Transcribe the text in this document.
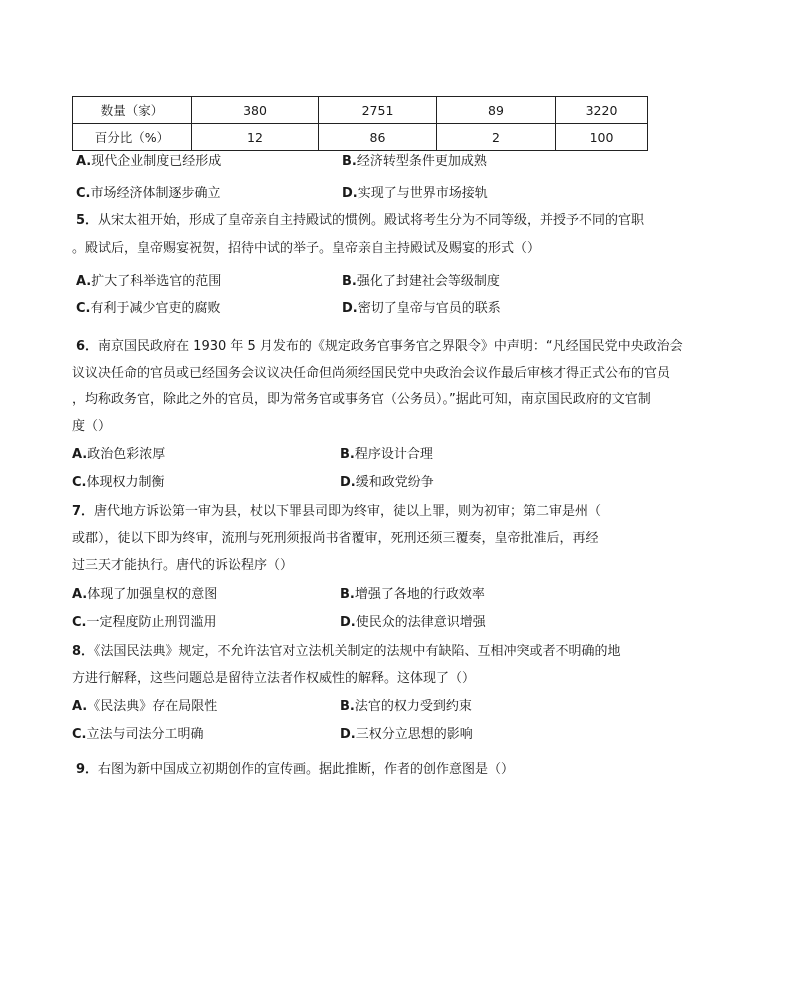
数量（家）	380	2751	89	3220
百分比（%）	12	86	2	100
A.现代企业制度已经形成	B.经济转型条件更加成熟
C.市场经济体制逐步确立	D.实现了与世界市场接轨
5．从宋太祖开始，形成了皇帝亲自主持殿试的惯例。殿试将考生分为不同等级，并授予不同的官职
。殿试后，皇帝赐宴祝贺，招待中试的举子。皇帝亲自主持殿试及赐宴的形式（）
A.扩大了科举选官的范围	B.强化了封建社会等级制度
C.有利于减少官吏的腐败	D.密切了皇帝与官员的联系
6．南京国民政府在 1930 年 5 月发布的《规定政务官事务官之界限令》中声明：“凡经国民党中央政治会
议议决任命的官员或已经国务会议议决任命但尚须经国民党中央政治会议作最后审核才得正式公布的官员
，均称政务官，除此之外的官员，即为常务官或事务官（公务员）。”据此可知，南京国民政府的文官制
度（）
A.政治色彩浓厚	B.程序设计合理
C.体现权力制衡	D.缓和政党纷争
7．唐代地方诉讼第一审为县，杖以下罪县司即为终审，徒以上罪，则为初审；第二审是州（
或郡），徒以下即为终审，流刑与死刑须报尚书省覆审，死刑还须三覆奏，皇帝批准后，再经
过三天才能执行。唐代的诉讼程序（）
A.体现了加强皇权的意图	B.增强了各地的行政效率
C.一定程度防止刑罚滥用	D.使民众的法律意识增强
8．《法国民法典》规定，不允许法官对立法机关制定的法规中有缺陷、互相冲突或者不明确的地
方进行解释，这些问题总是留待立法者作权威性的解释。这体现了（）
A.《民法典》存在局限性	B.法官的权力受到约束
C.立法与司法分工明确	D.三权分立思想的影响
9．右图为新中国成立初期创作的宣传画。据此推断，作者的创作意图是（）
